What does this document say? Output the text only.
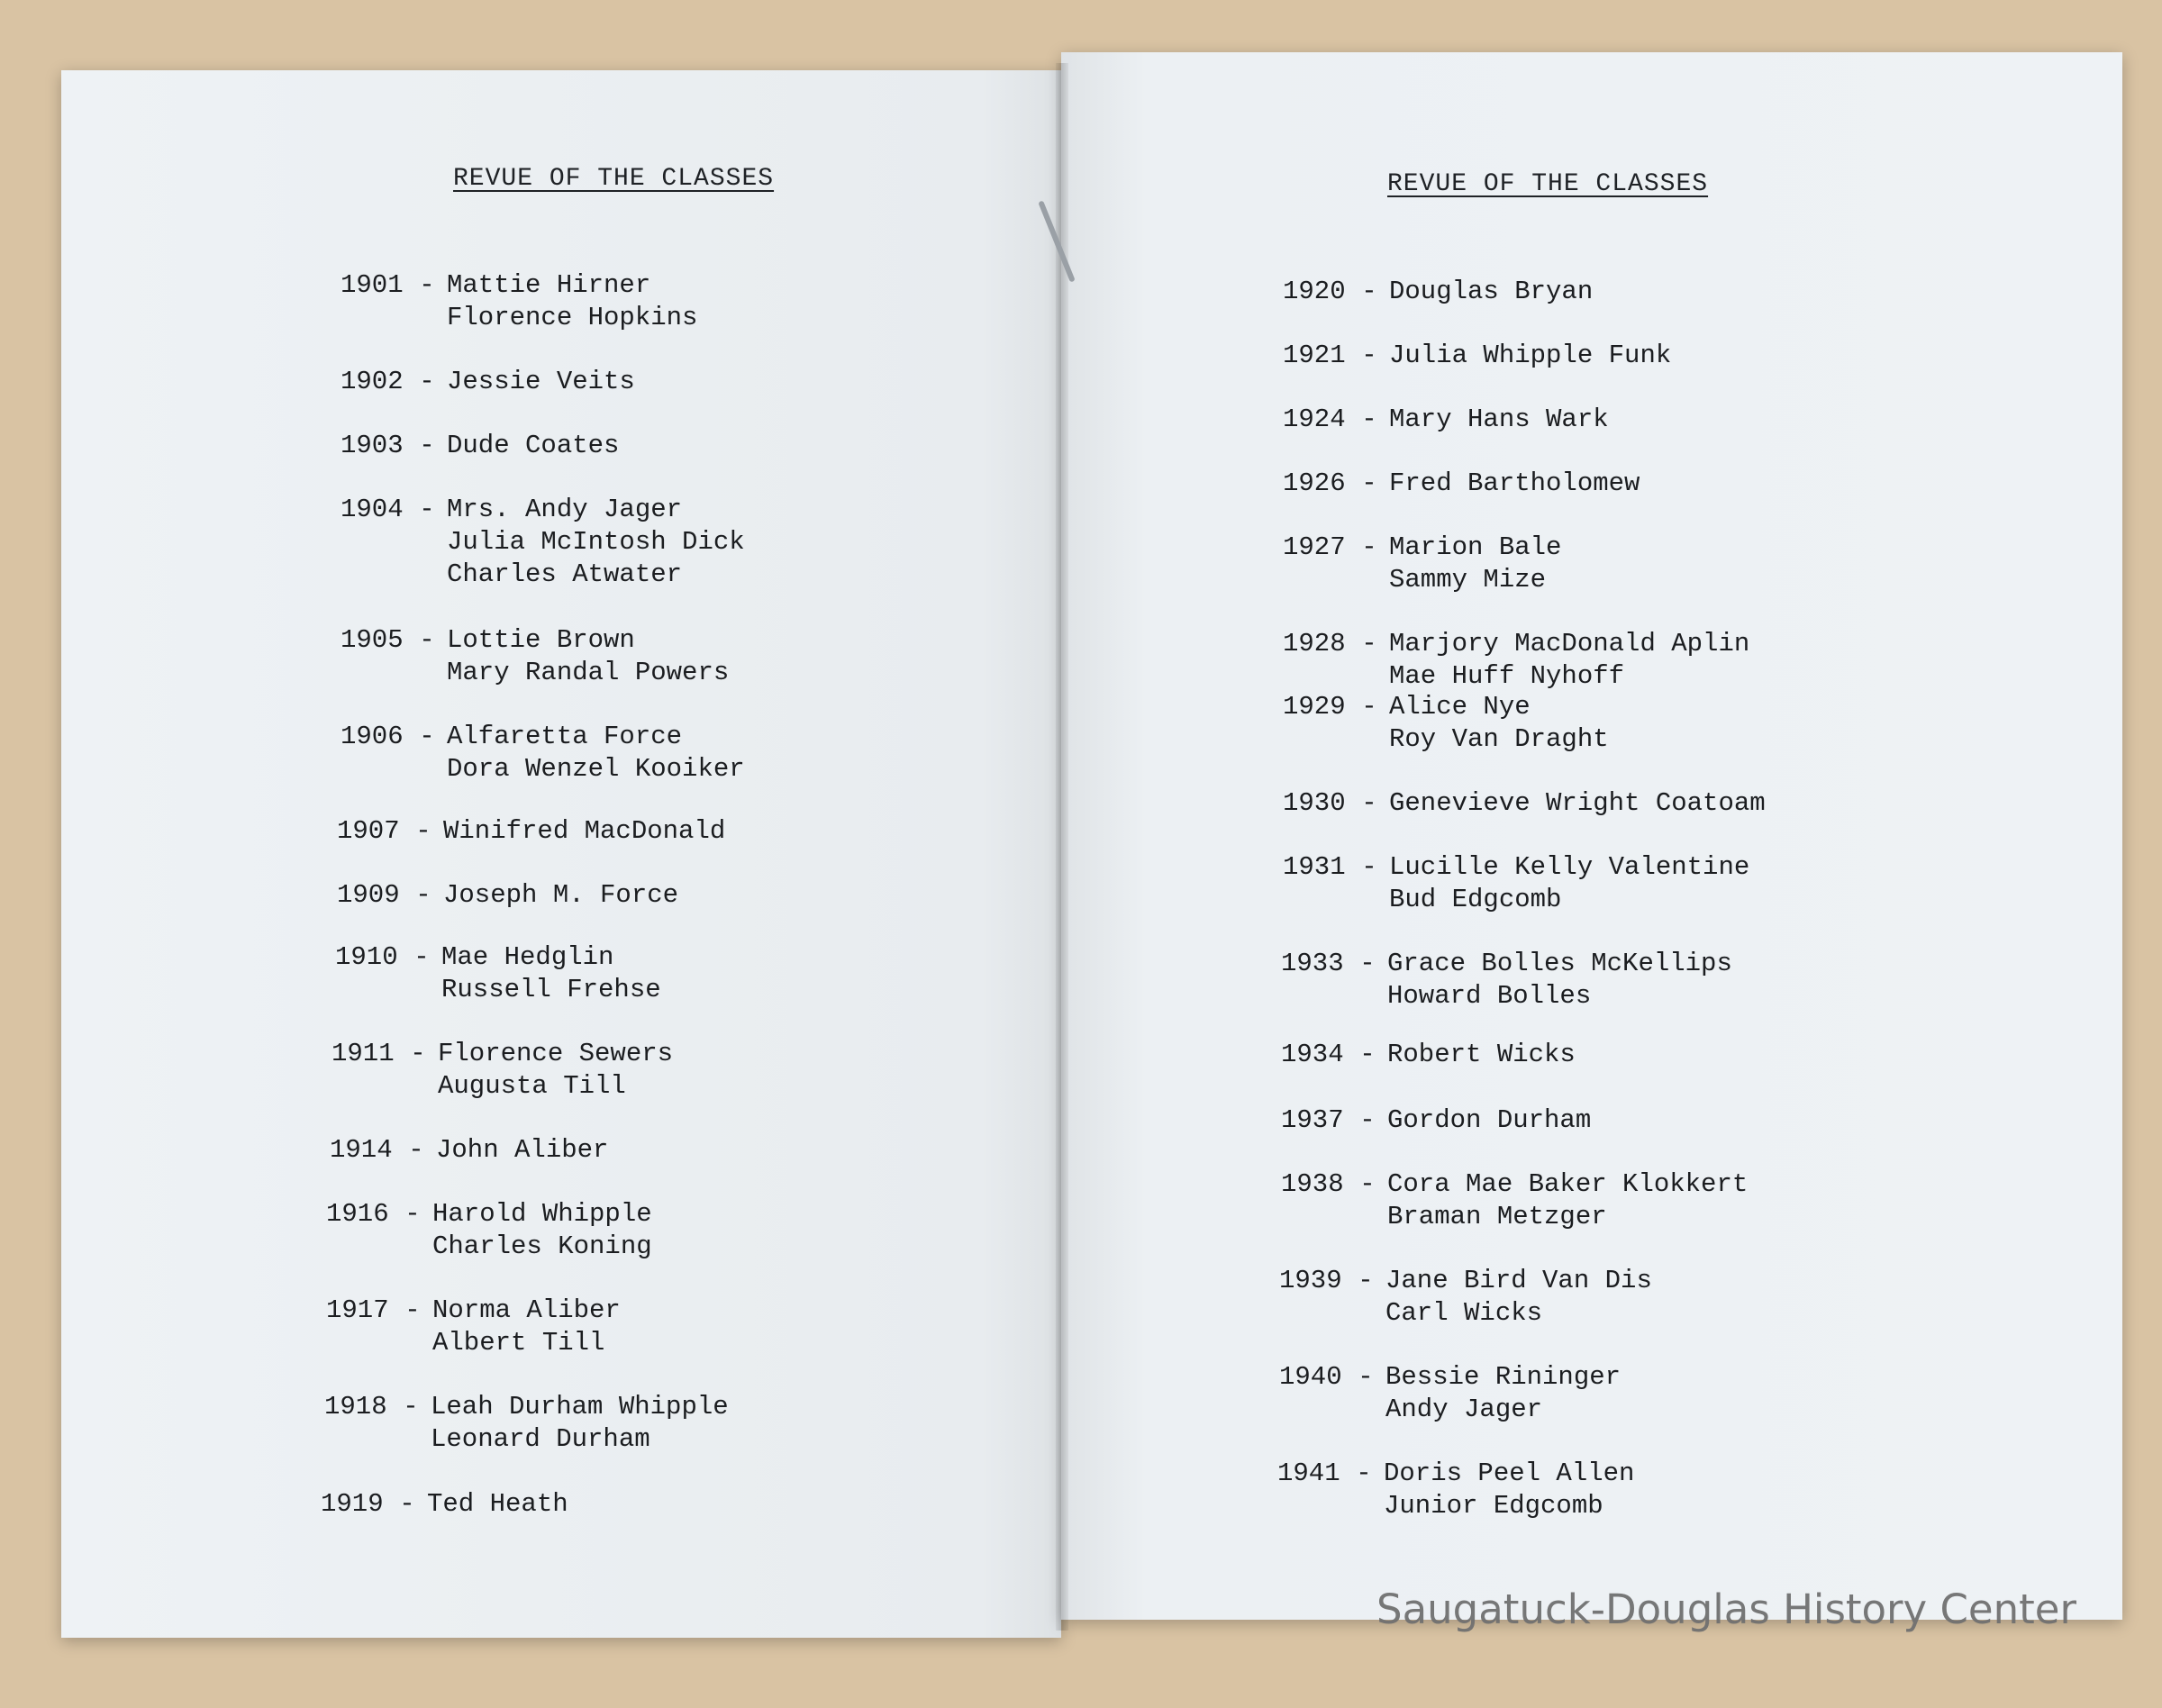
REVUE OF THE CLASSES	REVUE OF THE CLASSES
1901 - Mattie Hirner
Florence Hopkins
1902 - Jessie Veits
1903 - Dude Coates
1904 - Mrs. Andy Jager
Julia McIntosh Dick
Charles Atwater
1905 - Lottie Brown
Mary Randal Powers
1906 - Alfaretta Force
Dora Wenzel Kooiker
1907 - Winifred MacDonald
1909 - Joseph M. Force
1910 - Mae Hedglin
Russell Frehse
1911 - Florence Sewers
Augusta Till
1914 - John Aliber
1916 - Harold Whipple
Charles Koning
1917 - Norma Aliber
Albert Till
1918 - Leah Durham Whipple
Leonard Durham
1919 - Ted Heath
1920 - Douglas Bryan
1921 - Julia Whipple Funk
1924 - Mary Hans Wark
1926 - Fred Bartholomew
1927 - Marion Bale
Sammy Mize
1928 - Marjory MacDonald Aplin
Mae Huff Nyhoff
1929 - Alice Nye
Roy Van Draght
1930 - Genevieve Wright Coatoam
1931 - Lucille Kelly Valentine
Bud Edgcomb
1933 - Grace Bolles McKellips
Howard Bolles
1934 - Robert Wicks
1937 - Gordon Durham
1938 - Cora Mae Baker Klokkert
Braman Metzger
1939 - Jane Bird Van Dis
Carl Wicks
1940 - Bessie Rininger
Andy Jager
1941 - Doris Peel Allen
Junior Edgcomb

Saugatuck-Douglas History Center
